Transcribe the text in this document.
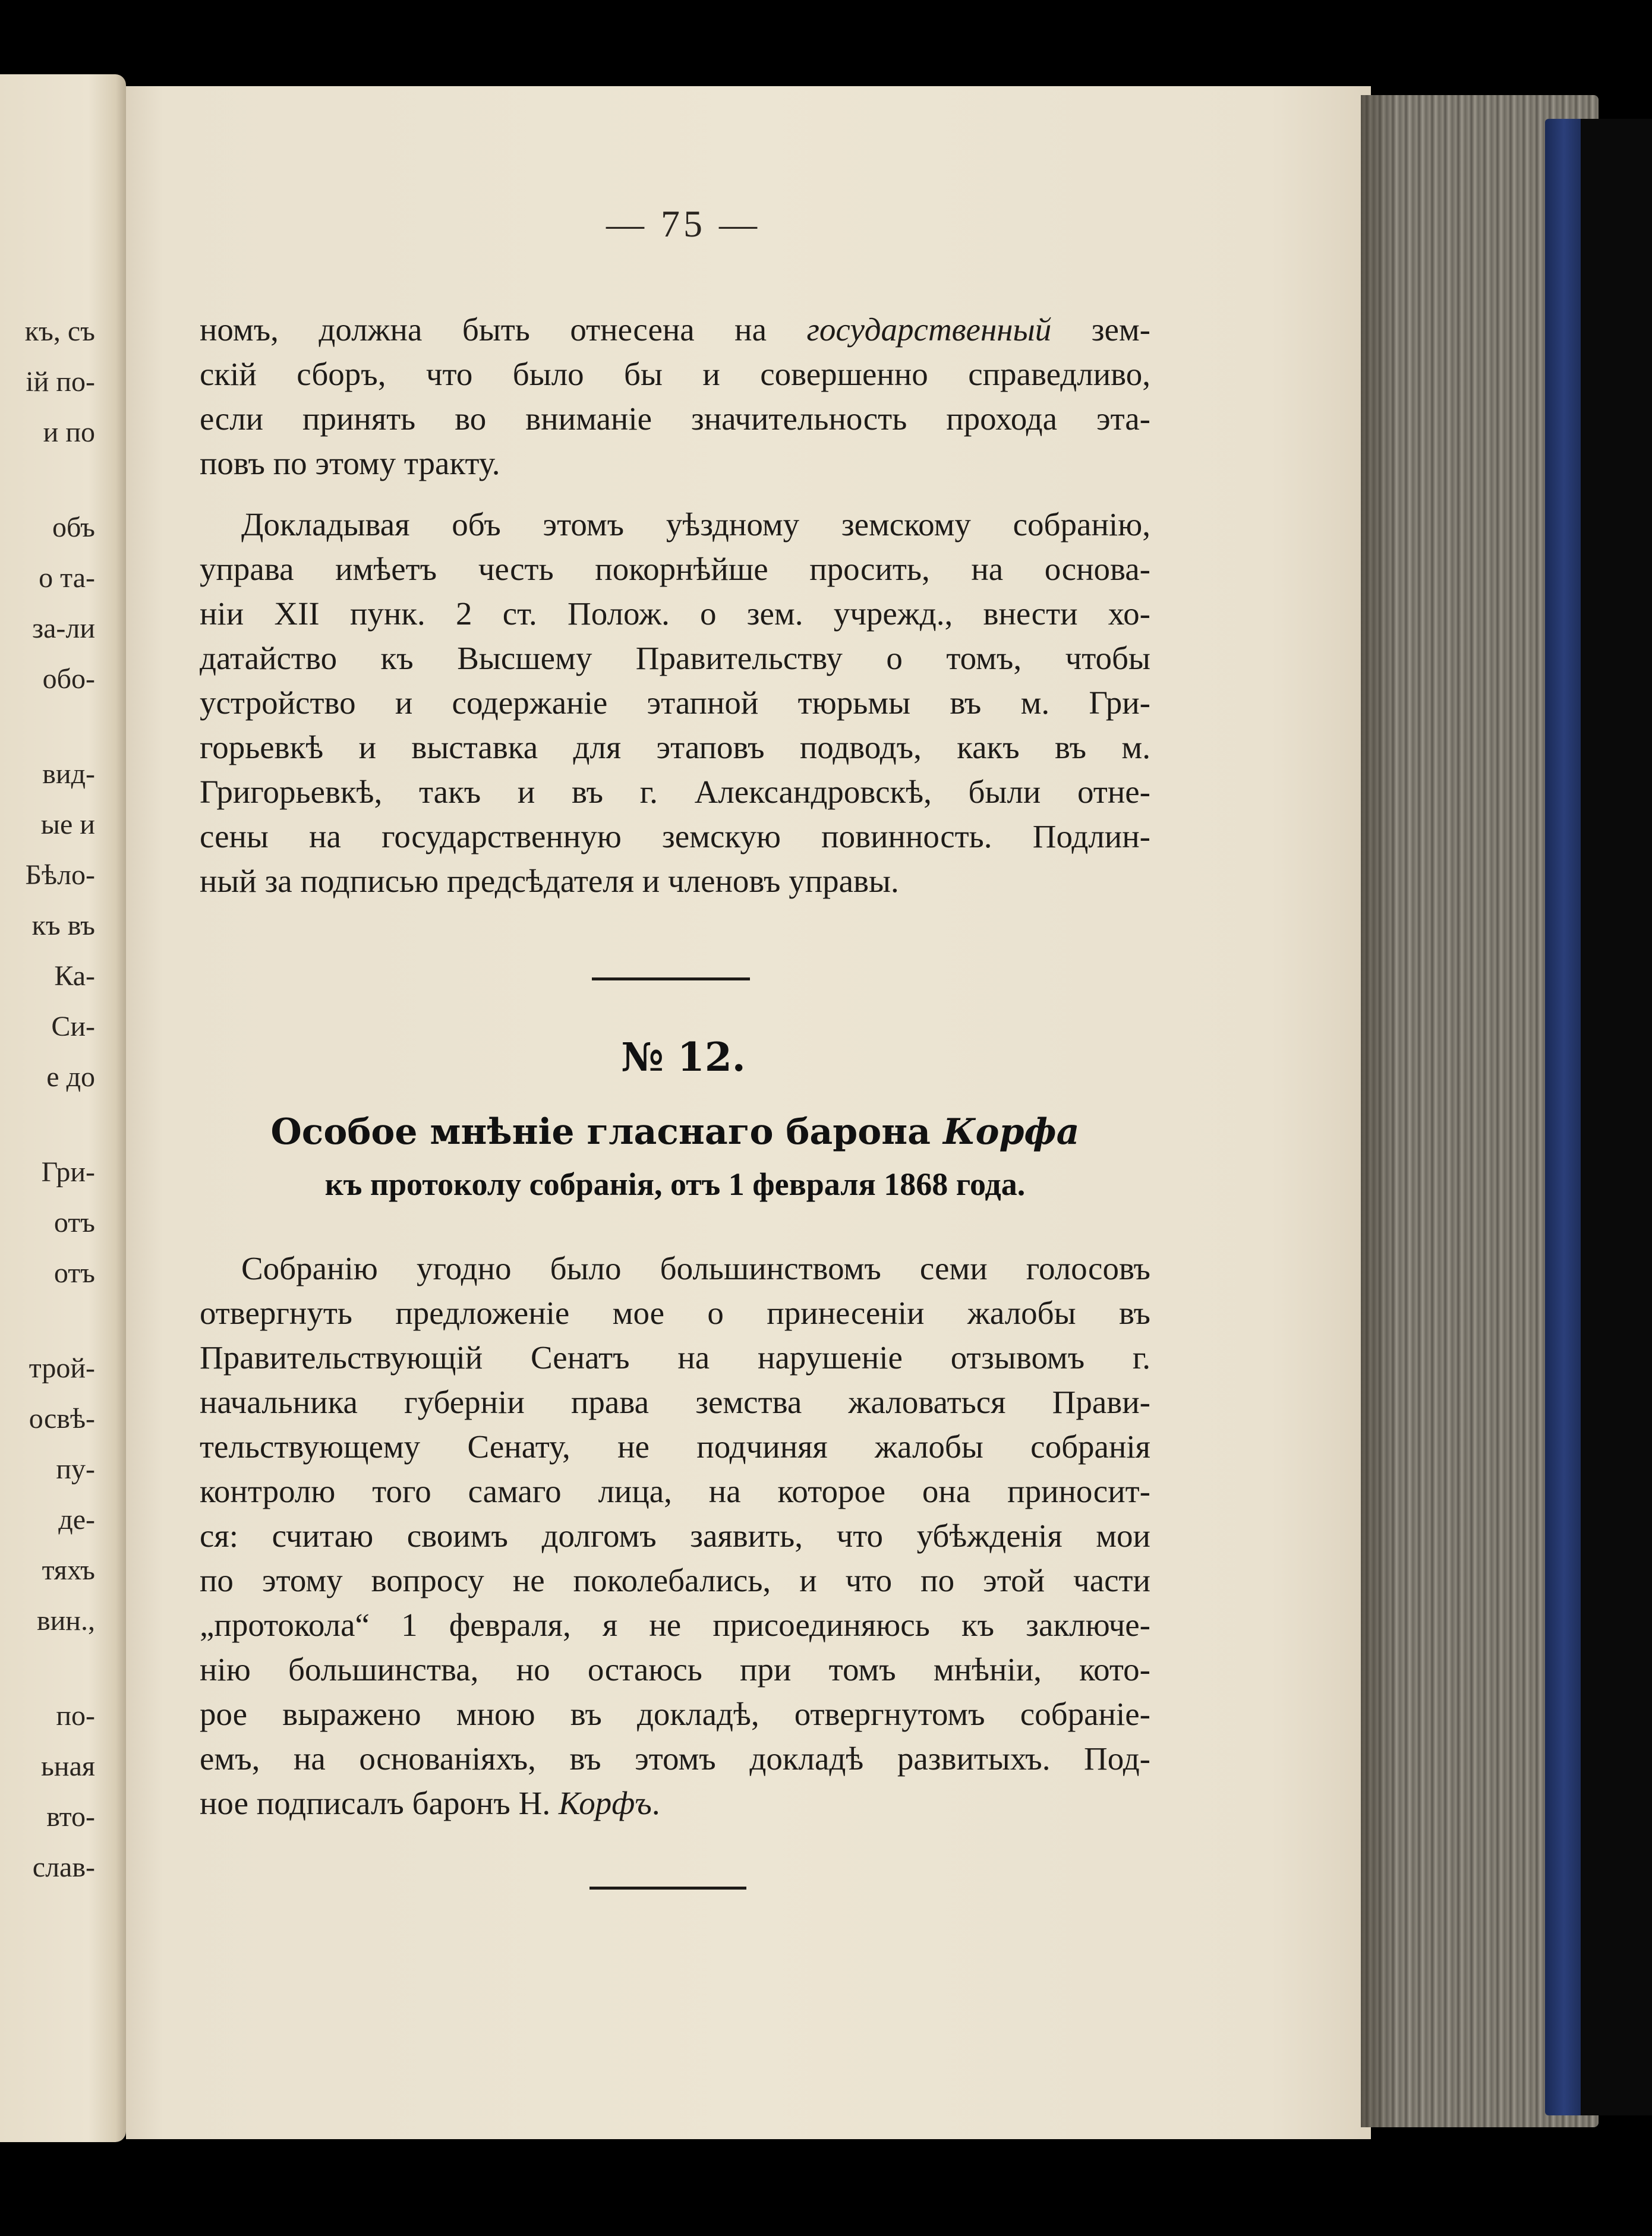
къ, съ
ій по-
и по
объ
о та-
за-ли
обо-
вид-
ые и
Бѣло-
къ въ
Ка-
Си-
е до
Гри-
отъ
отъ
трой-
освѣ-
пу-
де-
тяхъ
вин.,
по-
ьная
вто-
слав-
— 75 —
номъ, должна быть отнесена на государственный зем-
скій сборъ, что было бы и совершенно справедливо,
если принять во вниманіе значительность прохода эта-
повъ по этому тракту.
Докладывая объ этомъ уѣздному земскому собранію,
управа имѣетъ честь покорнѣйше просить, на основа-
ніи XII пунк. 2 ст. Полож. о зем. учрежд., внести хо-
датайство къ Высшему Правительству о томъ, чтобы
устройство и содержаніе этапной тюрьмы въ м. Гри-
горьевкѣ и выставка для этаповъ подводъ, какъ въ м.
Григорьевкѣ, такъ и въ г. Александровскѣ, были отне-
сены на государственную земскую повинность. Подлин-
ный за подписью предсѣдателя и членовъ управы.
№ 12.
Особое мнѣніе гласнаго барона Корфа
къ протоколу собранія, отъ 1 февраля 1868 года.
Собранію угодно было большинствомъ семи голосовъ
отвергнуть предложеніе мое о принесеніи жалобы въ
Правительствующій Сенатъ на нарушеніе отзывомъ г.
начальника губерніи права земства жаловаться Прави-
тельствующему Сенату, не подчиняя жалобы собранія
контролю того самаго лица, на которое она приносит-
ся: считаю своимъ долгомъ заявить, что убѣжденія мои
по этому вопросу не поколебались, и что по этой части
„протокола“ 1 февраля, я не присоединяюсь къ заключе-
нію большинства, но остаюсь при томъ мнѣніи, кото-
рое выражено мною въ докладѣ, отвергнутомъ собраніе-
емъ, на основаніяхъ, въ этомъ докладѣ развитыхъ. Под-
ное подписалъ баронъ Н. Корфъ.
